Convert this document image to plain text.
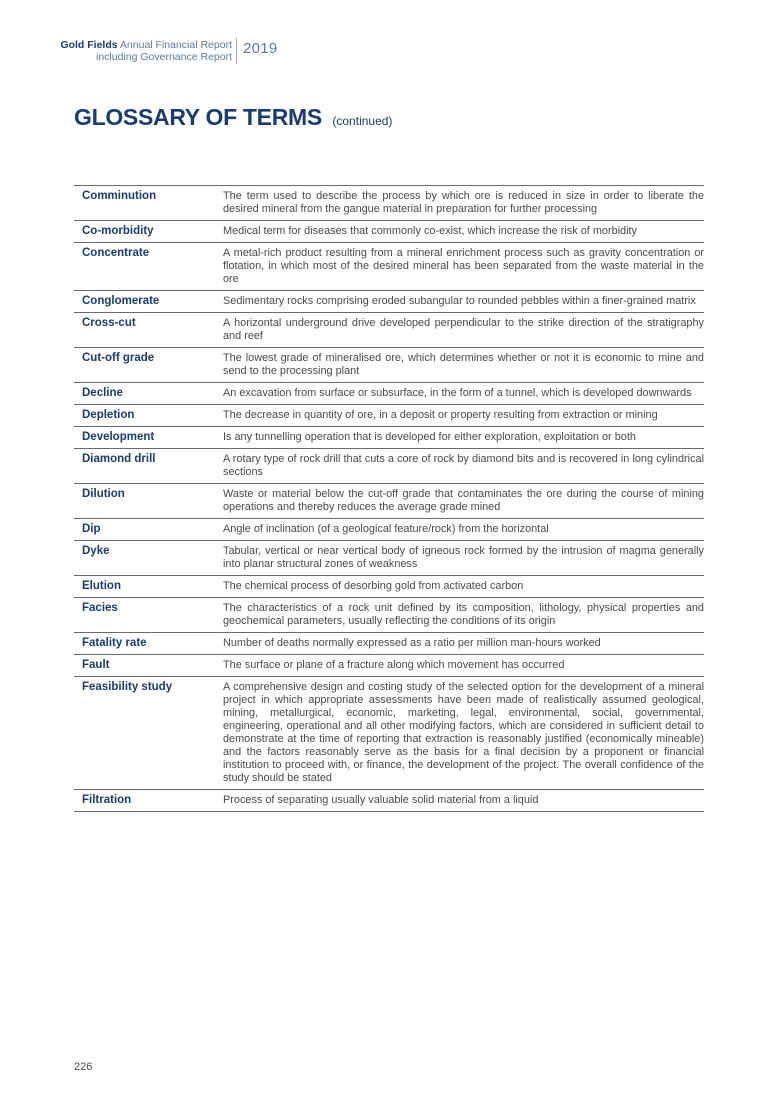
Gold Fields Annual Financial Report
including Governance Report 2019
GLOSSARY OF TERMS (continued)
Comminution	The term used to describe the process by which ore is reduced in size in order to liberate the desired mineral from the gangue material in preparation for further processing
Co-morbidity	Medical term for diseases that commonly co-exist, which increase the risk of morbidity
Concentrate	A metal-rich product resulting from a mineral enrichment process such as gravity concentration or flotation, in which most of the desired mineral has been separated from the waste material in the ore
Conglomerate	Sedimentary rocks comprising eroded subangular to rounded pebbles within a finer-grained matrix
Cross-cut	A horizontal underground drive developed perpendicular to the strike direction of the stratigraphy and reef
Cut-off grade	The lowest grade of mineralised ore, which determines whether or not it is economic to mine and send to the processing plant
Decline	An excavation from surface or subsurface, in the form of a tunnel, which is developed downwards
Depletion	The decrease in quantity of ore, in a deposit or property resulting from extraction or mining
Development	Is any tunnelling operation that is developed for either exploration, exploitation or both
Diamond drill	A rotary type of rock drill that cuts a core of rock by diamond bits and is recovered in long cylindrical sections
Dilution	Waste or material below the cut-off grade that contaminates the ore during the course of mining operations and thereby reduces the average grade mined
Dip	Angle of inclination (of a geological feature/rock) from the horizontal
Dyke	Tabular, vertical or near vertical body of igneous rock formed by the intrusion of magma generally into planar structural zones of weakness
Elution	The chemical process of desorbing gold from activated carbon
Facies	The characteristics of a rock unit defined by its composition, lithology, physical properties and geochemical parameters, usually reflecting the conditions of its origin
Fatality rate	Number of deaths normally expressed as a ratio per million man-hours worked
Fault	The surface or plane of a fracture along which movement has occurred
Feasibility study	A comprehensive design and costing study of the selected option for the development of a mineral project in which appropriate assessments have been made of realistically assumed geological, mining, metallurgical, economic, marketing, legal, environmental, social, governmental, engineering, operational and all other modifying factors, which are considered in sufficient detail to demonstrate at the time of reporting that extraction is reasonably justified (economically mineable) and the factors reasonably serve as the basis for a final decision by a proponent or financial institution to proceed with, or finance, the development of the project. The overall confidence of the study should be stated
Filtration	Process of separating usually valuable solid material from a liquid
226
